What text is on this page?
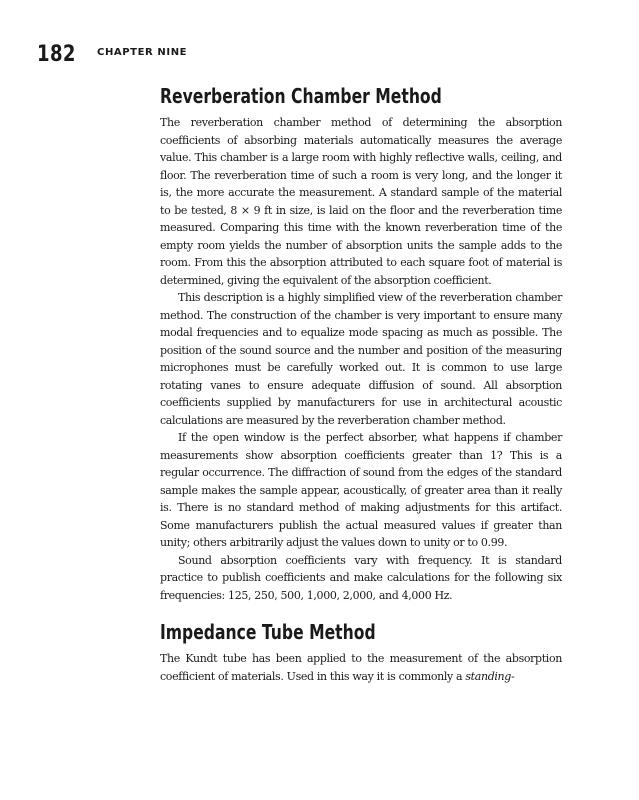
182 CHAPTER NINE
Reverberation Chamber Method

The reverberation chamber method of determining the absorption coefficients of absorbing materials automatically measures the average value. This chamber is a large room with highly reflective walls, ceiling, and floor. The reverberation time of such a room is very long, and the longer it is, the more accurate the measurement. A standard sample of the material to be tested, 8 × 9 ft in size, is laid on the floor and the reverberation time measured. Comparing this time with the known reverberation time of the empty room yields the number of absorption units the sample adds to the room. From this the absorption attributed to each square foot of material is determined, giving the equivalent of the absorption coefficient.

This description is a highly simplified view of the reverberation chamber method. The construction of the chamber is very important to ensure many modal frequencies and to equalize mode spacing as much as possible. The position of the sound source and the number and position of the measuring microphones must be carefully worked out. It is common to use large rotating vanes to ensure adequate diffusion of sound. All absorption coefficients supplied by manufacturers for use in architectural acoustic calculations are measured by the reverberation chamber method.

If the open window is the perfect absorber, what happens if chamber measurements show absorption coefficients greater than 1? This is a regular occurrence. The diffraction of sound from the edges of the standard sample makes the sample appear, acoustically, of greater area than it really is. There is no standard method of making adjustments for this artifact. Some manufacturers publish the actual measured values if greater than unity; others arbitrarily adjust the values down to unity or to 0.99.

Sound absorption coefficients vary with frequency. It is standard practice to publish coefficients and make calculations for the following six frequencies: 125, 250, 500, 1,000, 2,000, and 4,000 Hz.

Impedance Tube Method

The Kundt tube has been applied to the measurement of the absorption coefficient of materials. Used in this way it is commonly a standing-
